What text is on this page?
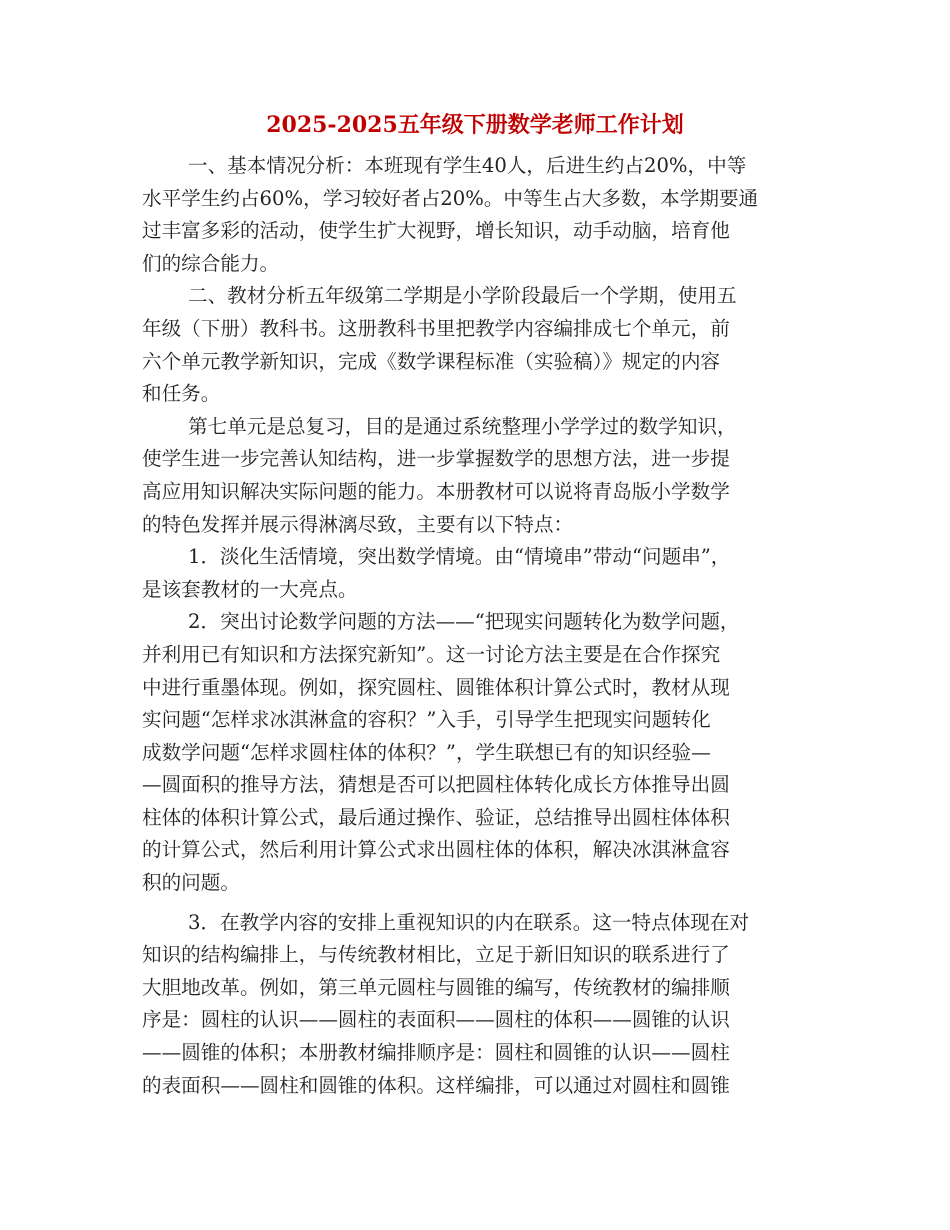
2025-2025五年级下册数学老师工作计划
一、基本情况分析：本班现有学生40人，后进生约占20%，中等
水平学生约占60%，学习较好者占20%。中等生占大多数，本学期要通
过丰富多彩的活动，使学生扩大视野，增长知识，动手动脑，培育他
们的综合能力。
二、教材分析五年级第二学期是小学阶段最后一个学期，使用五
年级（下册）教科书。这册教科书里把教学内容编排成七个单元，前
六个单元教学新知识，完成《数学课程标准（实验稿）》规定的内容
和任务。
第七单元是总复习，目的是通过系统整理小学学过的数学知识，
使学生进一步完善认知结构，进一步掌握数学的思想方法，进一步提
高应用知识解决实际问题的能力。本册教材可以说将青岛版小学数学
的特色发挥并展示得淋漓尽致，主要有以下特点：
1．淡化生活情境，突出数学情境。由“情境串”带动“问题串”，
是该套教材的一大亮点。
2．突出讨论数学问题的方法——“把现实问题转化为数学问题，
并利用已有知识和方法探究新知”。这一讨论方法主要是在合作探究
中进行重墨体现。例如，探究圆柱、圆锥体积计算公式时，教材从现
实问题“怎样求冰淇淋盒的容积？”入手，引导学生把现实问题转化
成数学问题“怎样求圆柱体的体积？”，学生联想已有的知识经验—
—圆面积的推导方法，猜想是否可以把圆柱体转化成长方体推导出圆
柱体的体积计算公式，最后通过操作、验证，总结推导出圆柱体体积
的计算公式，然后利用计算公式求出圆柱体的体积，解决冰淇淋盒容
积的问题。
3．在教学内容的安排上重视知识的内在联系。这一特点体现在对
知识的结构编排上，与传统教材相比，立足于新旧知识的联系进行了
大胆地改革。例如，第三单元圆柱与圆锥的编写，传统教材的编排顺
序是：圆柱的认识——圆柱的表面积——圆柱的体积——圆锥的认识
——圆锥的体积；本册教材编排顺序是：圆柱和圆锥的认识——圆柱
的表面积——圆柱和圆锥的体积。这样编排，可以通过对圆柱和圆锥
